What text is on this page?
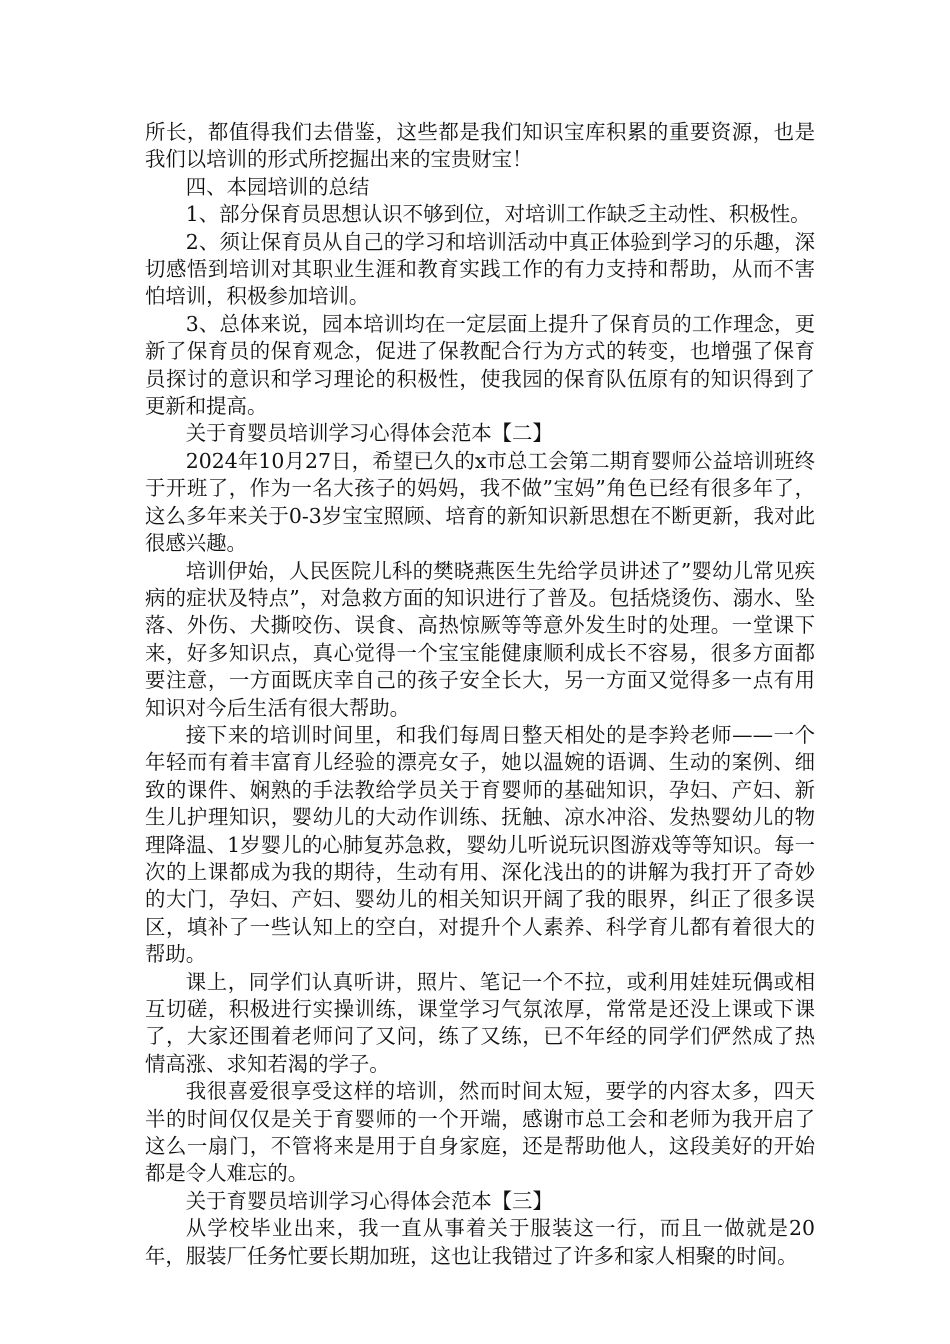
所长，都值得我们去借鉴，这些都是我们知识宝库积累的重要资源，也是我们以培训的形式所挖掘出来的宝贵财宝！

四、本园培训的总结

1、部分保育员思想认识不够到位，对培训工作缺乏主动性、积极性。

2、须让保育员从自己的学习和培训活动中真正体验到学习的乐趣，深切感悟到培训对其职业生涯和教育实践工作的有力支持和帮助，从而不害怕培训，积极参加培训。

3、总体来说，园本培训均在一定层面上提升了保育员的工作理念，更新了保育员的保育观念，促进了保教配合行为方式的转变，也增强了保育员探讨的意识和学习理论的积极性，使我园的保育队伍原有的知识得到了更新和提高。

关于育婴员培训学习心得体会范本【二】

2024年10月27日，希望已久的x市总工会第二期育婴师公益培训班终于开班了，作为一名大孩子的妈妈，我不做”宝妈”角色已经有很多年了，这么多年来关于0-3岁宝宝照顾、培育的新知识新思想在不断更新，我对此很感兴趣。

培训伊始，人民医院儿科的樊晓燕医生先给学员讲述了”婴幼儿常见疾病的症状及特点”，对急救方面的知识进行了普及。包括烧烫伤、溺水、坠落、外伤、犬撕咬伤、误食、高热惊厥等等意外发生时的处理。一堂课下来，好多知识点，真心觉得一个宝宝能健康顺利成长不容易，很多方面都要注意，一方面既庆幸自己的孩子安全长大，另一方面又觉得多一点有用知识对今后生活有很大帮助。

接下来的培训时间里，和我们每周日整天相处的是李羚老师——一个年轻而有着丰富育儿经验的漂亮女子，她以温婉的语调、生动的案例、细致的课件、娴熟的手法教给学员关于育婴师的基础知识，孕妇、产妇、新生儿护理知识，婴幼儿的大动作训练、抚触、凉水冲浴、发热婴幼儿的物理降温、1岁婴儿的心肺复苏急救，婴幼儿听说玩识图游戏等等知识。每一次的上课都成为我的期待，生动有用、深化浅出的的讲解为我打开了奇妙的大门，孕妇、产妇、婴幼儿的相关知识开阔了我的眼界，纠正了很多误区，填补了一些认知上的空白，对提升个人素养、科学育儿都有着很大的帮助。

课上，同学们认真听讲，照片、笔记一个不拉，或利用娃娃玩偶或相互切磋，积极进行实操训练，课堂学习气氛浓厚，常常是还没上课或下课了，大家还围着老师问了又问，练了又练，已不年经的同学们俨然成了热情高涨、求知若渴的学子。

我很喜爱很享受这样的培训，然而时间太短，要学的内容太多，四天半的时间仅仅是关于育婴师的一个开端，感谢市总工会和老师为我开启了这么一扇门，不管将来是用于自身家庭，还是帮助他人，这段美好的开始都是令人难忘的。

关于育婴员培训学习心得体会范本【三】

从学校毕业出来，我一直从事着关于服装这一行，而且一做就是20年，服装厂任务忙要长期加班，这也让我错过了许多和家人相聚的时间。
